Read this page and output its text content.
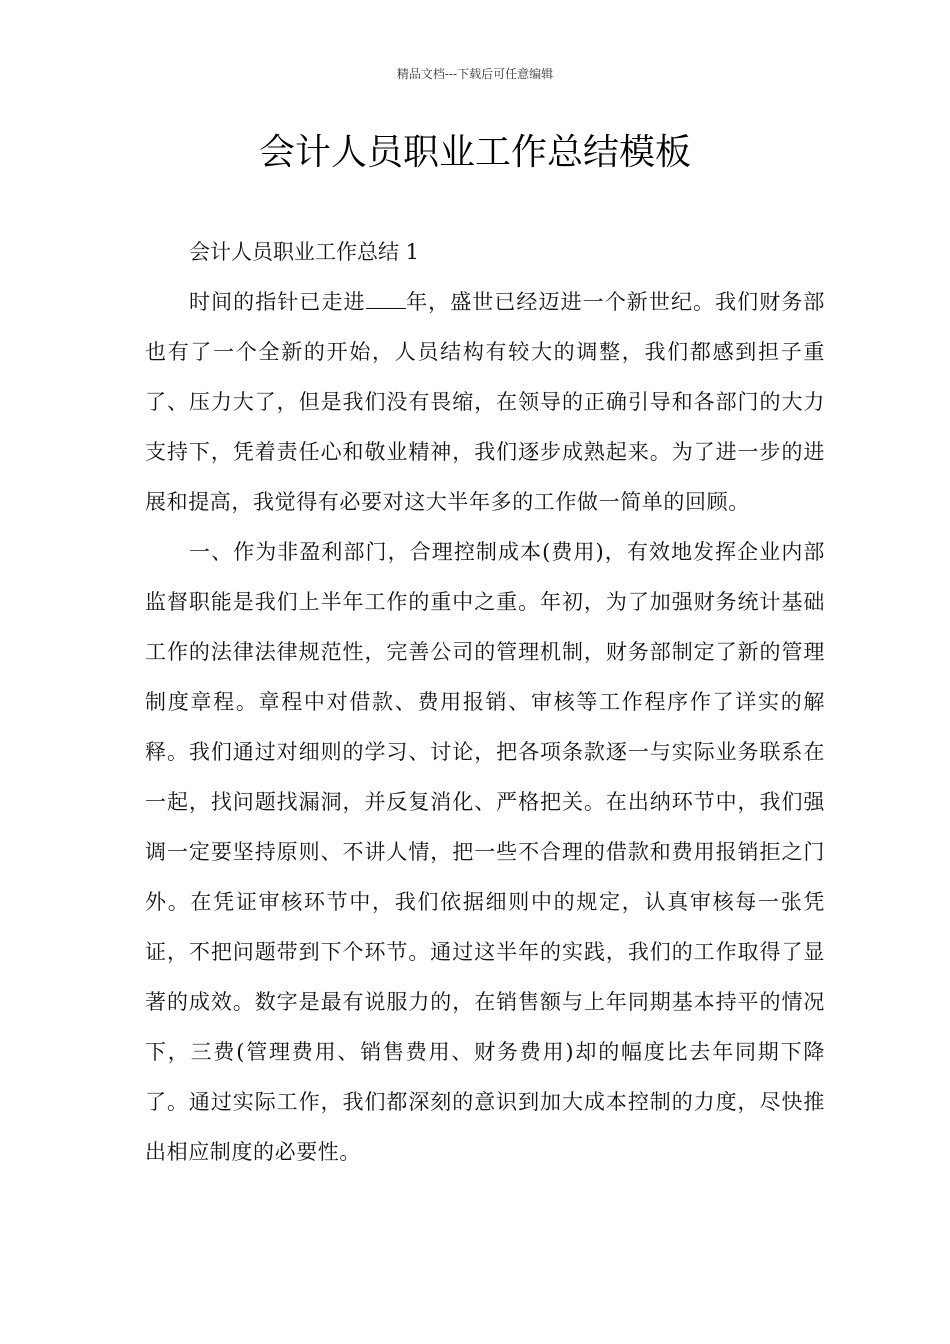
精品文档---下载后可任意编辑
会计人员职业工作总结模板

会计人员职业工作总结 1

时间的指针已走进 年，盛世已经迈进一个新世纪。我们财务部也有了一个全新的开始，人员结构有较大的调整，我们都感到担子重了、压力大了，但是我们没有畏缩，在领导的正确引导和各部门的大力支持下，凭着责任心和敬业精神，我们逐步成熟起来。为了进一步的进展和提高，我觉得有必要对这大半年多的工作做一简单的回顾。

一、作为非盈利部门，合理控制成本(费用)，有效地发挥企业内部监督职能是我们上半年工作的重中之重。年初，为了加强财务统计基础工作的法律法律规范性，完善公司的管理机制，财务部制定了新的管理制度章程。章程中对借款、费用报销、审核等工作程序作了详实的解释。我们通过对细则的学习、讨论，把各项条款逐一与实际业务联系在一起，找问题找漏洞，并反复消化、严格把关。在出纳环节中，我们强调一定要坚持原则、不讲人情，把一些不合理的借款和费用报销拒之门外。在凭证审核环节中，我们依据细则中的规定，认真审核每一张凭证，不把问题带到下个环节。通过这半年的实践，我们的工作取得了显著的成效。数字是最有说服力的，在销售额与上年同期基本持平的情况下，三费(管理费用、销售费用、财务费用)却的幅度比去年同期下降了。通过实际工作，我们都深刻的意识到加大成本控制的力度，尽快推出相应制度的必要性。
